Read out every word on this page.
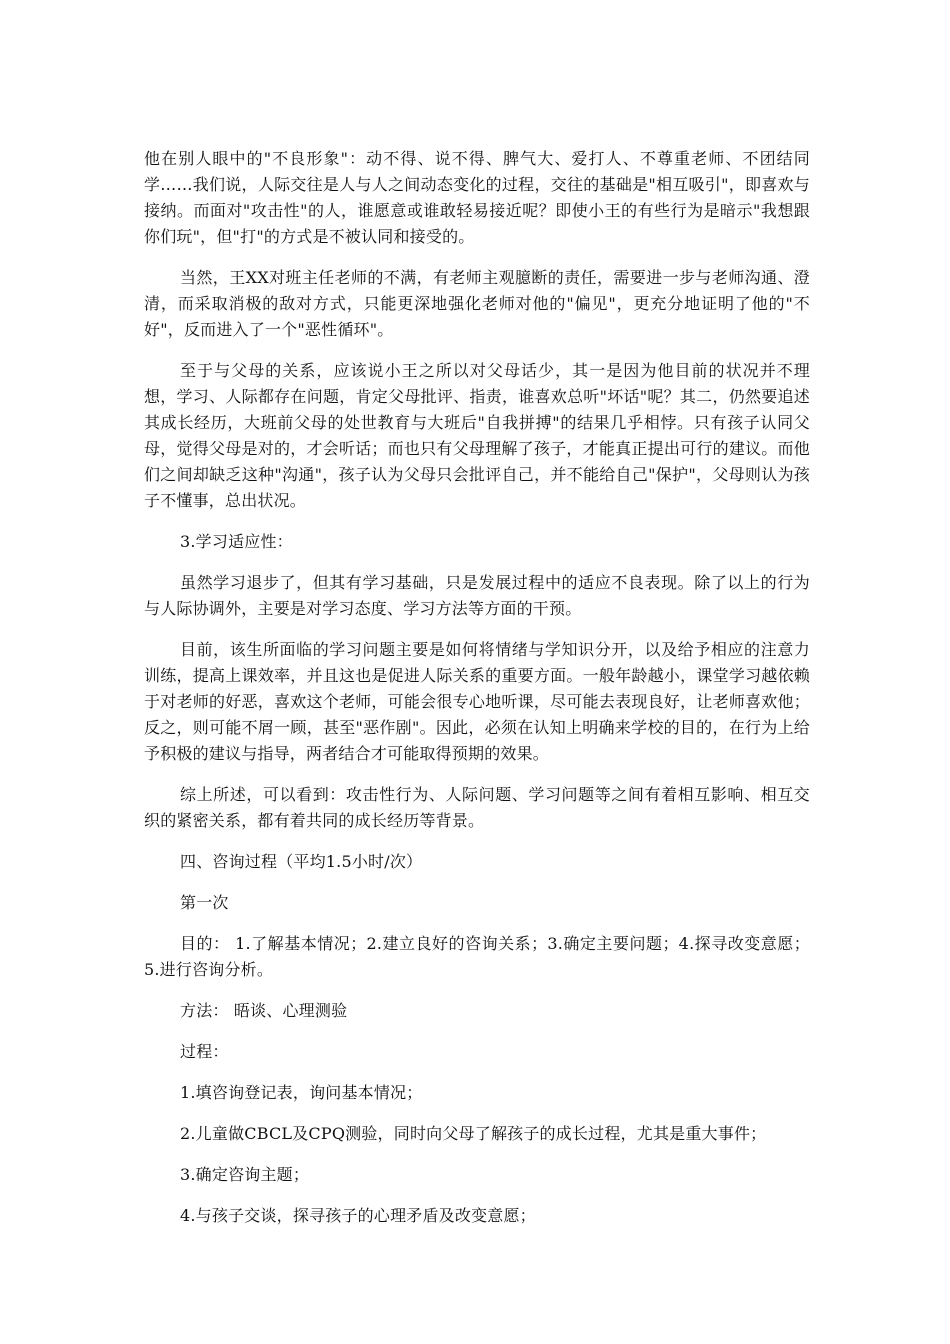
他在别人眼中的"不良形象"：动不得、说不得、脾气大、爱打人、不尊重老师、不团结同学……我们说，人际交往是人与人之间动态变化的过程，交往的基础是"相互吸引"，即喜欢与接纳。而面对"攻击性"的人，谁愿意或谁敢轻易接近呢？即使小王的有些行为是暗示"我想跟你们玩"，但"打"的方式是不被认同和接受的。

当然，王XX对班主任老师的不满，有老师主观臆断的责任，需要进一步与老师沟通、澄清，而采取消极的敌对方式，只能更深地强化老师对他的"偏见"，更充分地证明了他的"不好"，反而进入了一个"恶性循环"。

至于与父母的关系，应该说小王之所以对父母话少，其一是因为他目前的状况并不理想，学习、人际都存在问题，肯定父母批评、指责，谁喜欢总听"坏话"呢？其二，仍然要追述其成长经历，大班前父母的处世教育与大班后"自我拼搏"的结果几乎相悖。只有孩子认同父母，觉得父母是对的，才会听话；而也只有父母理解了孩子，才能真正提出可行的建议。而他们之间却缺乏这种"沟通"，孩子认为父母只会批评自己，并不能给自己"保护"，父母则认为孩子不懂事，总出状况。

3.学习适应性：

虽然学习退步了，但其有学习基础，只是发展过程中的适应不良表现。除了以上的行为与人际协调外，主要是对学习态度、学习方法等方面的干预。

目前，该生所面临的学习问题主要是如何将情绪与学知识分开，以及给予相应的注意力训练，提高上课效率，并且这也是促进人际关系的重要方面。一般年龄越小，课堂学习越依赖于对老师的好恶，喜欢这个老师，可能会很专心地听课，尽可能去表现良好，让老师喜欢他；反之，则可能不屑一顾，甚至"恶作剧"。因此，必须在认知上明确来学校的目的，在行为上给予积极的建议与指导，两者结合才可能取得预期的效果。

综上所述，可以看到：攻击性行为、人际问题、学习问题等之间有着相互影响、相互交织的紧密关系，都有着共同的成长经历等背景。

四、咨询过程（平均1.5小时/次）

第一次

目的： 1.了解基本情况；2.建立良好的咨询关系；3.确定主要问题；4.探寻改变意愿；5.进行咨询分析。

方法： 晤谈、心理测验

过程：

1.填咨询登记表，询问基本情况；

2.儿童做CBCL及CPQ测验，同时向父母了解孩子的成长过程，尤其是重大事件；

3.确定咨询主题；

4.与孩子交谈，探寻孩子的心理矛盾及改变意愿；
